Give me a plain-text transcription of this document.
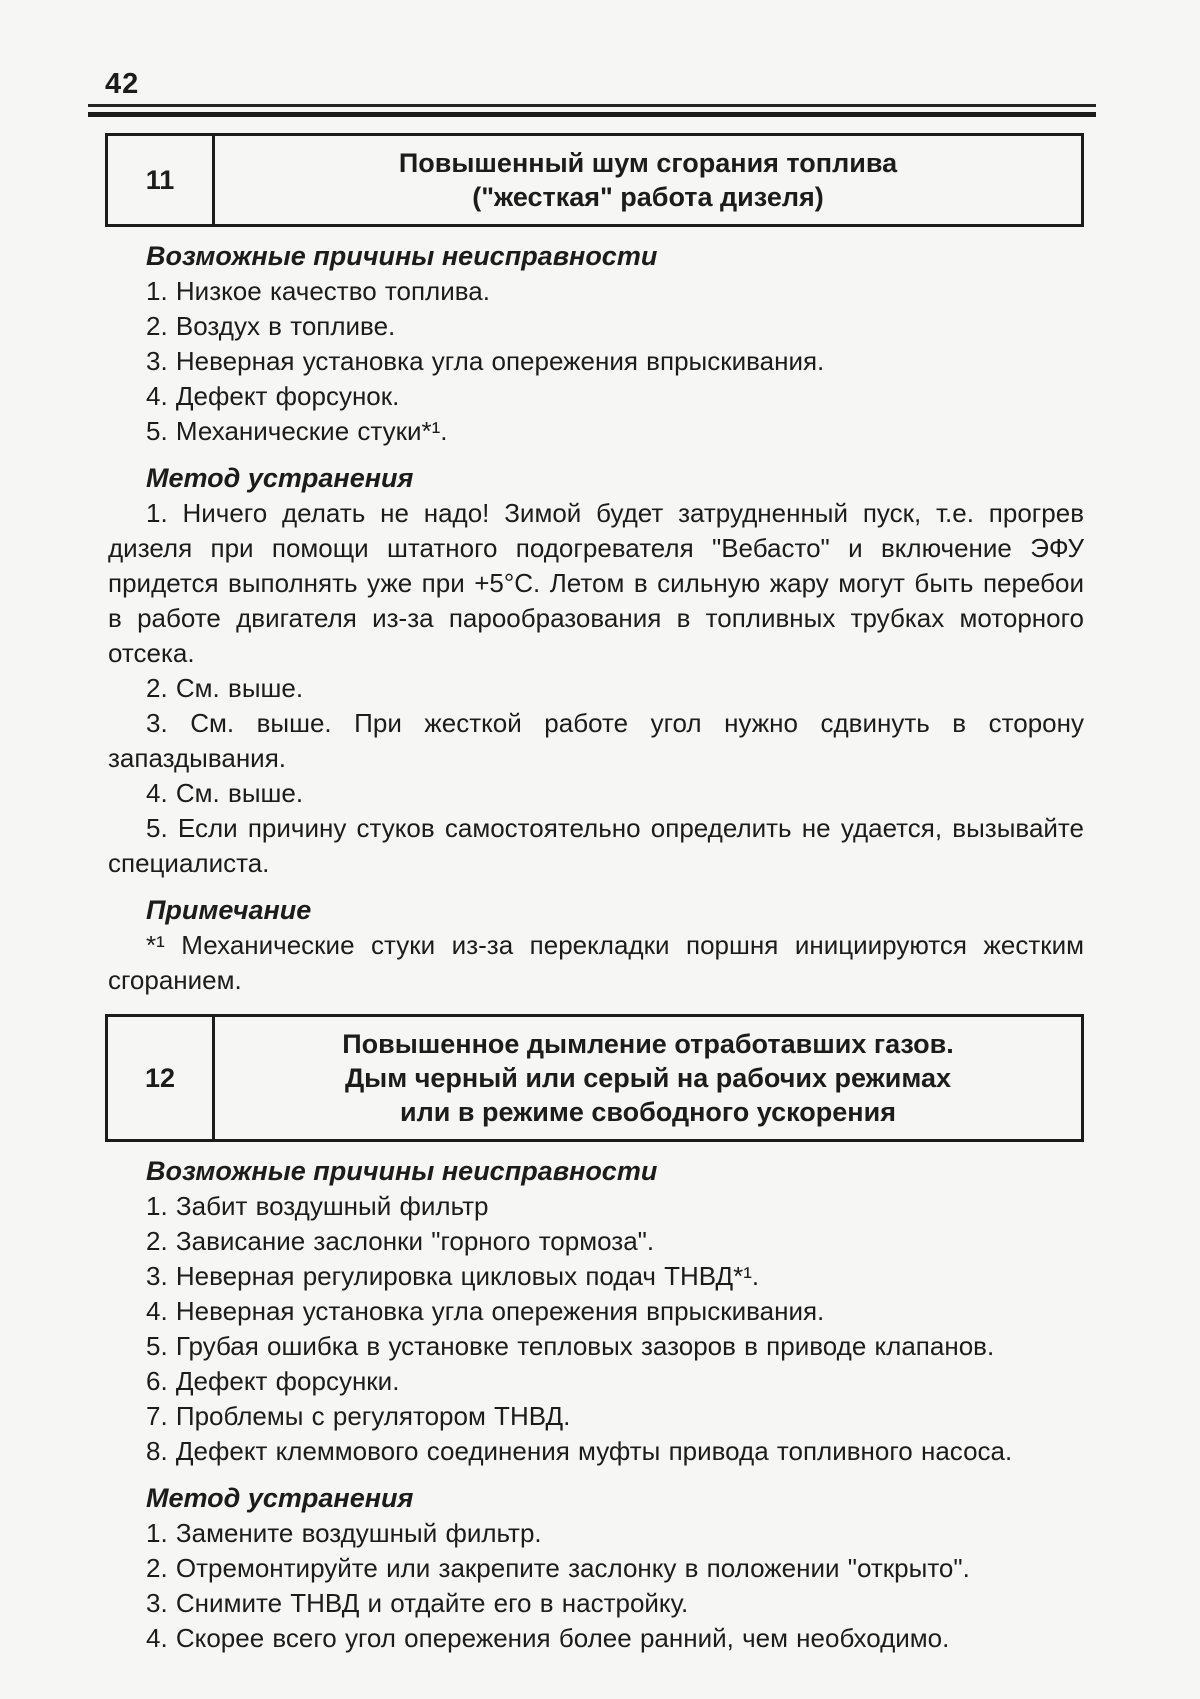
42
11
Повышенный шум сгорания топлива
("жесткая" работа дизеля)
Возможные причины неисправности

1. Низкое качество топлива.

2. Воздух в топливе.

3. Неверная установка угла опережения впрыскивания.

4. Дефект форсунок.

5. Механические стуки*¹.

Метод устранения

1. Ничего делать не надо! Зимой будет затрудненный пуск, т.е. прогрев дизеля при помощи штатного подогревателя "Вебасто" и включение ЭФУ придется выполнять уже при +5°С. Летом в сильную жару могут быть перебои в работе двигателя из-за парообразования в топливных трубках моторного отсека.

2. См. выше.

3. См. выше. При жесткой работе угол нужно сдвинуть в сторону запаздывания.

4. См. выше.

5. Если причину стуков самостоятельно определить не удается, вызывайте специалиста.

Примечание

*¹ Механические стуки из-за перекладки поршня инициируются жестким сгоранием.

12
Повышенное дымление отработавших газов.
Дым черный или серый на рабочих режимах
или в режиме свободного ускорения
Возможные причины неисправности

1. Забит воздушный фильтр

2. Зависание заслонки "горного тормоза".

3. Неверная регулировка цикловых подач ТНВД*¹.

4. Неверная установка угла опережения впрыскивания.

5. Грубая ошибка в установке тепловых зазоров в приводе клапанов.

6. Дефект форсунки.

7. Проблемы с регулятором ТНВД.

8. Дефект клеммового соединения муфты привода топливного насоса.

Метод устранения

1. Замените воздушный фильтр.

2. Отремонтируйте или закрепите заслонку в положении "открыто".

3. Снимите ТНВД и отдайте его в настройку.

4. Скорее всего угол опережения более ранний, чем необходимо.
